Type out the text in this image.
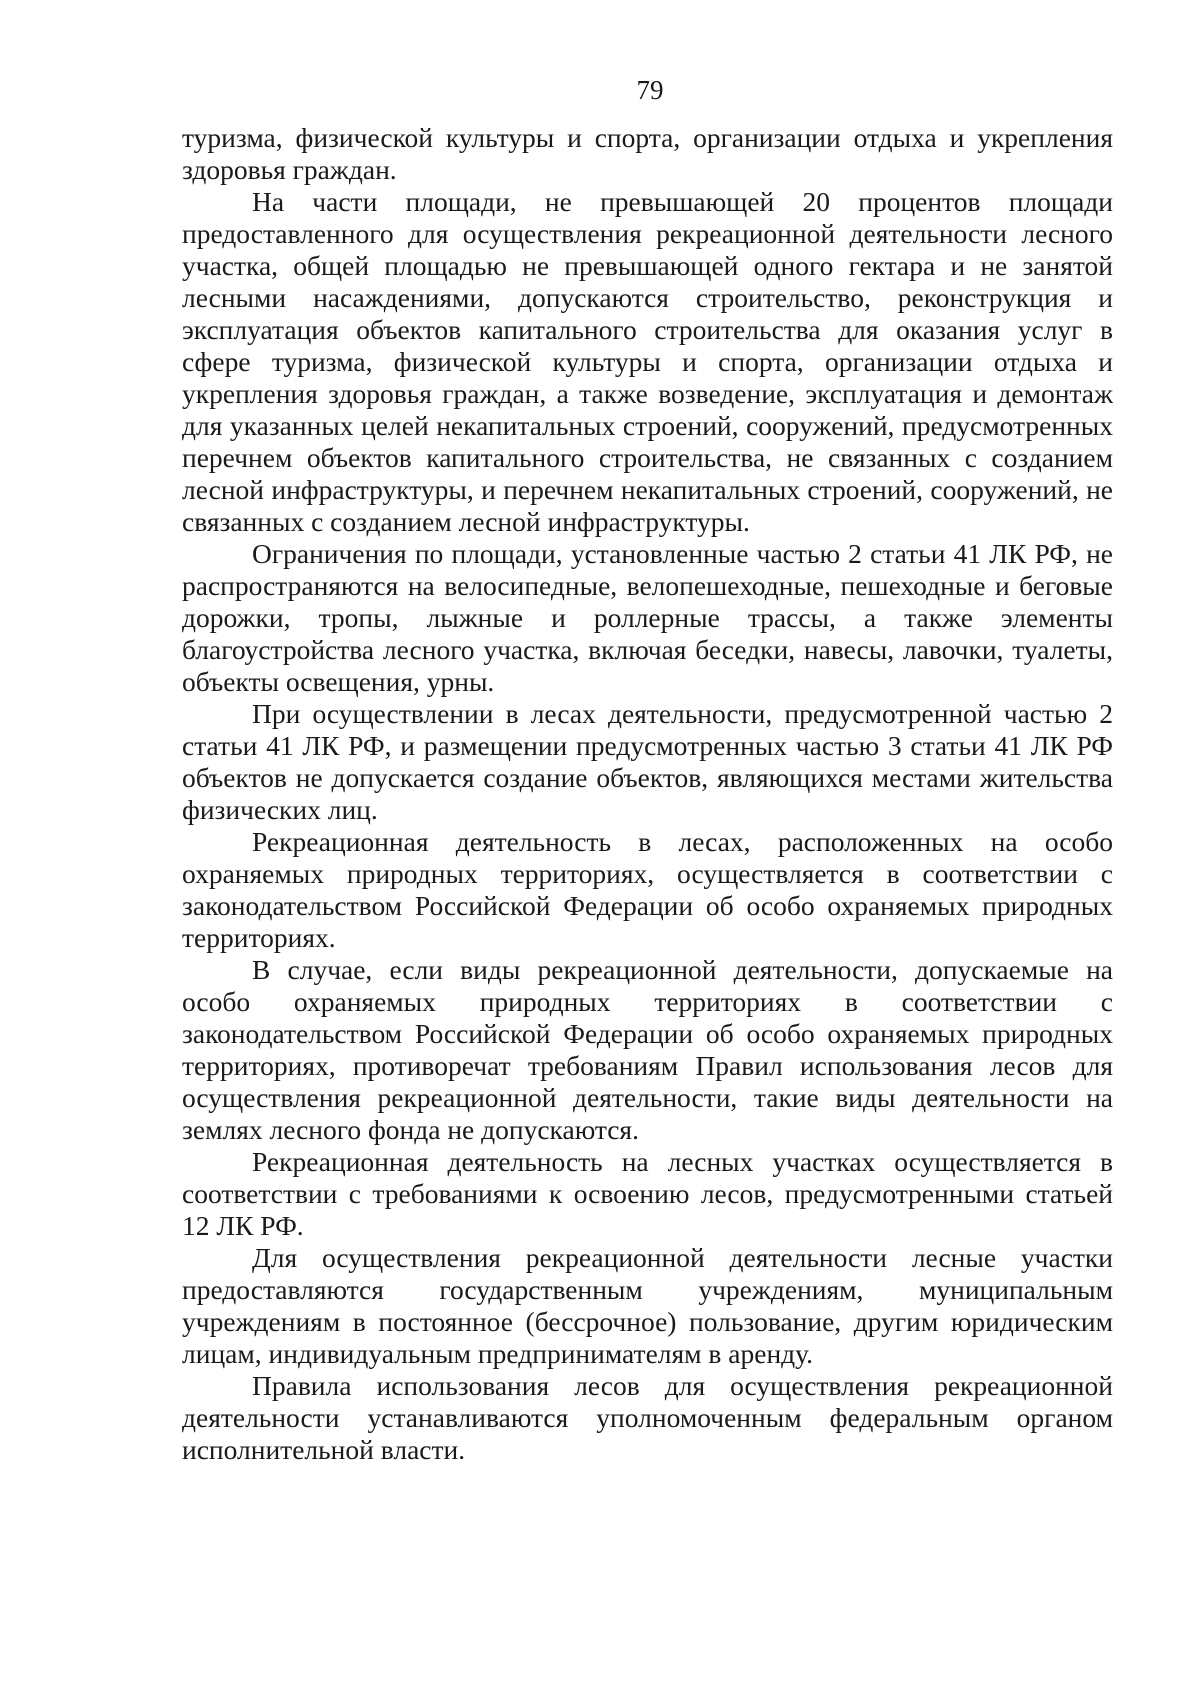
79

туризма, физической культуры и спорта, организации отдыха и укрепления здоровья граждан.

На части площади, не превышающей 20 процентов площади предоставленного для осуществления рекреационной деятельности лесного участка, общей площадью не превышающей одного гектара и не занятой лесными насаждениями, допускаются строительство, реконструкция и эксплуатация объектов капитального строительства для оказания услуг в сфере туризма, физической культуры и спорта, организации отдыха и укрепления здоровья граждан, а также возведение, эксплуатация и демонтаж для указанных целей некапитальных строений, сооружений, предусмотренных перечнем объектов капитального строительства, не связанных с созданием лесной инфраструктуры, и перечнем некапитальных строений, сооружений, не связанных с созданием лесной инфраструктуры.

Ограничения по площади, установленные частью 2 статьи 41 ЛК РФ, не распространяются на велосипедные, велопешеходные, пешеходные и беговые дорожки, тропы, лыжные и роллерные трассы, а также элементы благоустройства лесного участка, включая беседки, навесы, лавочки, туалеты, объекты освещения, урны.

При осуществлении в лесах деятельности, предусмотренной частью 2 статьи 41 ЛК РФ, и размещении предусмотренных частью 3 статьи 41 ЛК РФ объектов не допускается создание объектов, являющихся местами жительства физических лиц.

Рекреационная деятельность в лесах, расположенных на особо охраняемых природных территориях, осуществляется в соответствии с законодательством Российской Федерации об особо охраняемых природных территориях.

В случае, если виды рекреационной деятельности, допускаемые на особо охраняемых природных территориях в соответствии с законодательством Российской Федерации об особо охраняемых природных территориях, противоречат требованиям Правил использования лесов для осуществления рекреационной деятельности, такие виды деятельности на землях лесного фонда не допускаются.

Рекреационная деятельность на лесных участках осуществляется в соответствии с требованиями к освоению лесов, предусмотренными статьей 12 ЛК РФ.

Для осуществления рекреационной деятельности лесные участки предоставляются государственным учреждениям, муниципальным учреждениям в постоянное (бессрочное) пользование, другим юридическим лицам, индивидуальным предпринимателям в аренду.

Правила использования лесов для осуществления рекреационной деятельности устанавливаются уполномоченным федеральным органом исполнительной власти.
